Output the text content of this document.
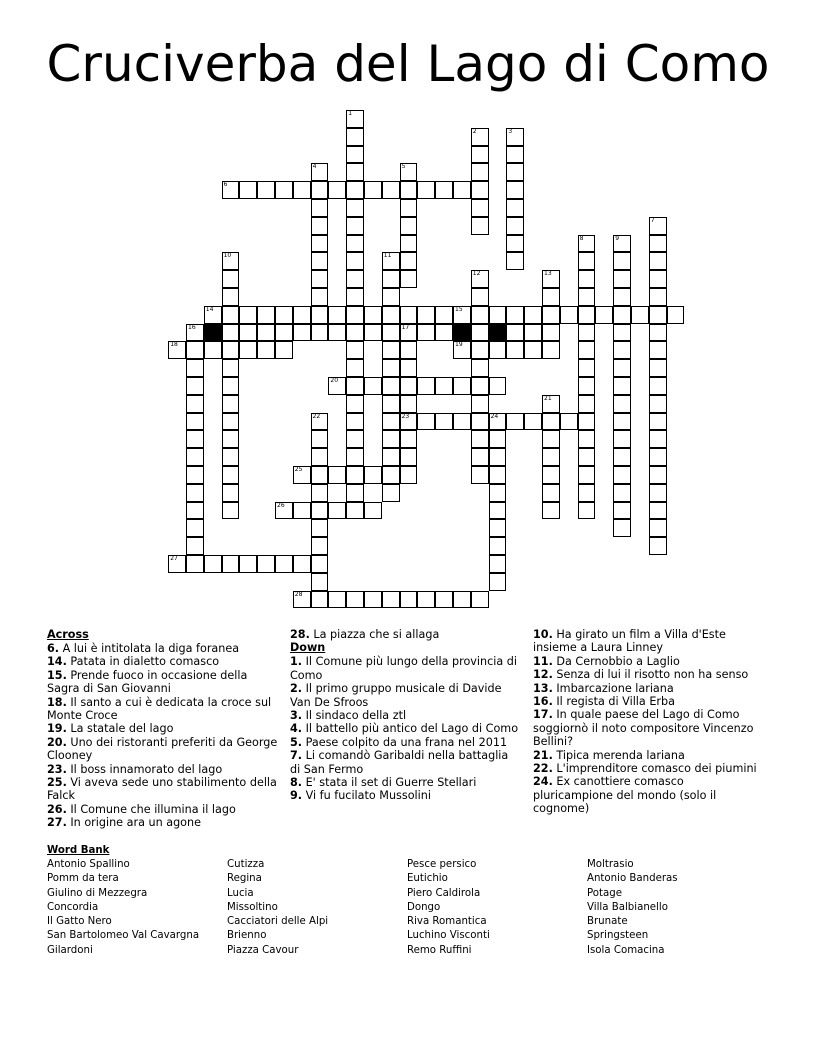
Cruciverba del Lago di Como
6
14	15
16	17
18	19
20
23	24
25
26
27
28
1
2	3
4	5
7
8	9
10	11
12	13
22
21
Across
6. A lui è intitolata la diga foranea
14. Patata in dialetto comasco
15. Prende fuoco in occasione della Sagra di San Giovanni
18. Il santo a cui è dedicata la croce sul Monte Croce
19. La statale del lago
20. Uno dei ristoranti preferiti da George Clooney
23. Il boss innamorato del lago
25. Vi aveva sede uno stabilimento della Falck
26. Il Comune che illumina il lago
27. In origine ara un agone
28. La piazza che si allaga
Down
1. Il Comune più lungo della provincia di Como
2. Il primo gruppo musicale di Davide Van De Sfroos
3. Il sindaco della ztl
4. Il battello più antico del Lago di Como
5. Paese colpito da una frana nel 2011
7. Li comandò Garibaldi nella battaglia di San Fermo
8. E' stata il set di Guerre Stellari
9. Vi fu fucilato Mussolini
10. Ha girato un film a Villa d'Este insieme a Laura Linney
11. Da Cernobbio a Laglio
12. Senza di lui il risotto non ha senso
13. Imbarcazione lariana
16. Il regista di Villa Erba
17. In quale paese del Lago di Como soggiornò il noto compositore Vincenzo Bellini?
21. Tipica merenda lariana
22. L'imprenditore comasco dei piumini
24. Ex canottiere comasco pluricampione del mondo (solo il cognome)
Word Bank
Antonio Spallino
Pomm da tera
Giulino di Mezzegra
Concordia
Il Gatto Nero
San Bartolomeo Val Cavargna
Gilardoni
Cutizza
Regina
Lucia
Missoltino
Cacciatori delle Alpi
Brienno
Piazza Cavour
Pesce persico
Eutichio
Piero Caldirola
Dongo
Riva Romantica
Luchino Visconti
Remo Ruffini
Moltrasio
Antonio Banderas
Potage
Villa Balbianello
Brunate
Springsteen
Isola Comacina
